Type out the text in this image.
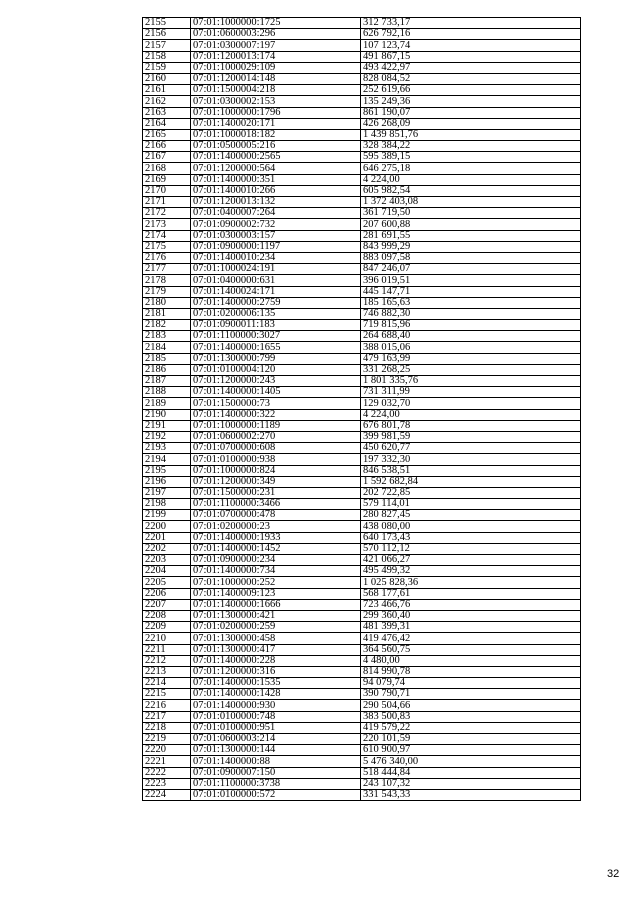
2155	07:01:1000000:1725	312 733,17
2156	07:01:0600003:296	626 792,16
2157	07:01:0300007:197	107 123,74
2158	07:01:1200013:174	491 867,15
2159	07:01:1000029:109	493 422,97
2160	07:01:1200014:148	828 084,52
2161	07:01:1500004:218	252 619,66
2162	07:01:0300002:153	135 249,36
2163	07:01:1000000:1796	861 190,07
2164	07:01:1400020:171	426 268,09
2165	07:01:1000018:182	1 439 851,76
2166	07:01:0500005:216	328 384,22
2167	07:01:1400000:2565	595 389,15
2168	07:01:1200000:564	646 275,18
2169	07:01:1400000:351	4 224,00
2170	07:01:1400010:266	605 982,54
2171	07:01:1200013:132	1 372 403,08
2172	07:01:0400007:264	361 719,50
2173	07:01:0900002:732	207 600,88
2174	07:01:0300003:157	281 691,55
2175	07:01:0900000:1197	843 999,29
2176	07:01:1400010:234	883 097,58
2177	07:01:1000024:191	847 246,07
2178	07:01:0400000:631	396 019,51
2179	07:01:1400024:171	445 147,71
2180	07:01:1400000:2759	185 165,63
2181	07:01:0200006:135	746 882,30
2182	07:01:0900011:183	719 815,96
2183	07:01:1100000:3027	264 688,40
2184	07:01:1400000:1655	388 015,06
2185	07:01:1300000:799	479 163,99
2186	07:01:0100004:120	331 268,25
2187	07:01:1200000:243	1 801 335,76
2188	07:01:1400000:1405	731 311,99
2189	07:01:1500000:73	129 032,70
2190	07:01:1400000:322	4 224,00
2191	07:01:1000000:1189	676 801,78
2192	07:01:0600002:270	399 981,59
2193	07:01:0700000:608	450 620,77
2194	07:01:0100000:938	197 332,30
2195	07:01:1000000:824	846 538,51
2196	07:01:1200000:349	1 592 682,84
2197	07:01:1500000:231	202 722,85
2198	07:01:1100000:3466	579 114,01
2199	07:01:0700000:478	280 827,45
2200	07:01:0200000:23	438 080,00
2201	07:01:1400000:1933	640 173,43
2202	07:01:1400000:1452	570 112,12
2203	07:01:0900000:234	421 066,27
2204	07:01:1400000:734	495 499,32
2205	07:01:1000000:252	1 025 828,36
2206	07:01:1400009:123	568 177,61
2207	07:01:1400000:1666	723 466,76
2208	07:01:1300000:421	299 360,40
2209	07:01:0200000:259	481 399,31
2210	07:01:1300000:458	419 476,42
2211	07:01:1300000:417	364 560,75
2212	07:01:1400000:228	4 480,00
2213	07:01:1200000:316	814 990,78
2214	07:01:1400000:1535	94 079,74
2215	07:01:1400000:1428	390 790,71
2216	07:01:1400000:930	290 504,66
2217	07:01:0100000:748	383 500,83
2218	07:01:0100000:951	419 579,22
2219	07:01:0600003:214	220 101,59
2220	07:01:1300000:144	610 900,97
2221	07:01:1400000:88	5 476 340,00
2222	07:01:0900007:150	518 444,84
2223	07:01:1100000:3738	243 107,32
2224	07:01:0100000:572	331 543,33
32
